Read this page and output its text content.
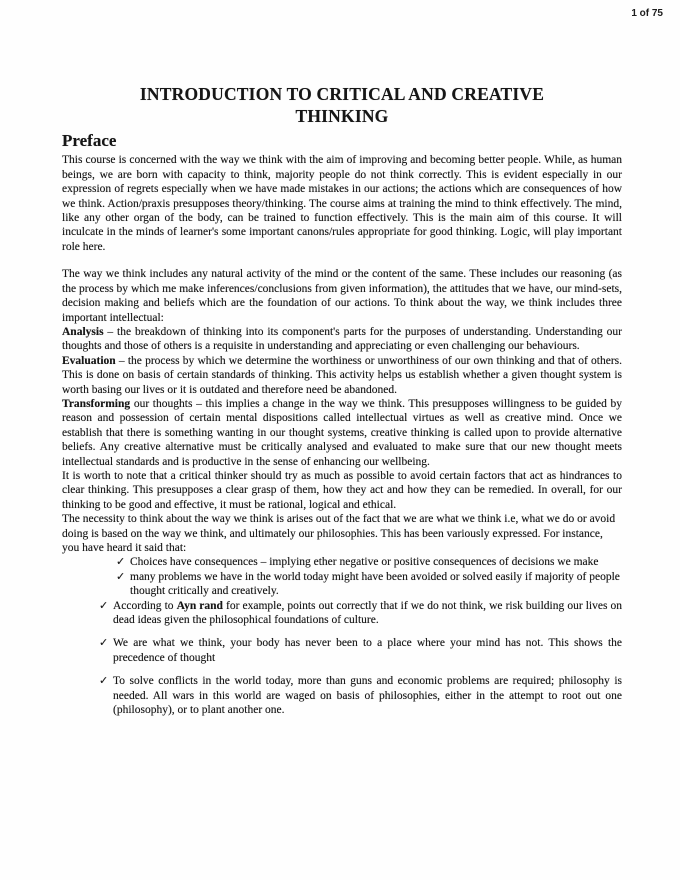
1 of 75
INTRODUCTION TO CRITICAL AND CREATIVE THINKING
Preface
This course is concerned with the way we think with the aim of improving and becoming better people. While, as human beings, we are born with capacity to think, majority people do not think correctly. This is evident especially in our expression of regrets especially when we have made mistakes in our actions; the actions which are consequences of how we think. Action/praxis presupposes theory/thinking. The course aims at training the mind to think effectively. The mind, like any other organ of the body, can be trained to function effectively. This is the main aim of this course. It will inculcate in the minds of learner's some important canons/rules appropriate for good thinking. Logic, will play important role here.
The way we think includes any natural activity of the mind or the content of the same. These includes our reasoning (as the process by which me make inferences/conclusions from given information), the attitudes that we have, our mind-sets, decision making and beliefs which are the foundation of our actions. To think about the way, we think includes three important intellectual:
Analysis – the breakdown of thinking into its component's parts for the purposes of understanding. Understanding our thoughts and those of others is a requisite in understanding and appreciating or even challenging our behaviours.
Evaluation – the process by which we determine the worthiness or unworthiness of our own thinking and that of others. This is done on basis of certain standards of thinking. This activity helps us establish whether a given thought system is worth basing our lives or it is outdated and therefore need be abandoned.
Transforming our thoughts – this implies a change in the way we think. This presupposes willingness to be guided by reason and possession of certain mental dispositions called intellectual virtues as well as creative mind. Once we establish that there is something wanting in our thought systems, creative thinking is called upon to provide alternative beliefs. Any creative alternative must be critically analysed and evaluated to make sure that our new thought meets intellectual standards and is productive in the sense of enhancing our wellbeing.
It is worth to note that a critical thinker should try as much as possible to avoid certain factors that act as hindrances to clear thinking. This presupposes a clear grasp of them, how they act and how they can be remedied. In overall, for our thinking to be good and effective, it must be rational, logical and ethical.
The necessity to think about the way we think is arises out of the fact that we are what we think i.e, what we do or avoid doing is based on the way we think, and ultimately our philosophies. This has been variously expressed. For instance, you have heard it said that:
✓ Choices have consequences – implying ether negative or positive consequences of decisions we make
✓ many problems we have in the world today might have been avoided or solved easily if majority of people thought critically and creatively.
✓ According to Ayn rand for example, points out correctly that if we do not think, we risk building our lives on dead ideas given the philosophical foundations of culture.
✓ We are what we think, your body has never been to a place where your mind has not. This shows the precedence of thought
✓ To solve conflicts in the world today, more than guns and economic problems are required; philosophy is needed. All wars in this world are waged on basis of philosophies, either in the attempt to root out one (philosophy), or to plant another one.
